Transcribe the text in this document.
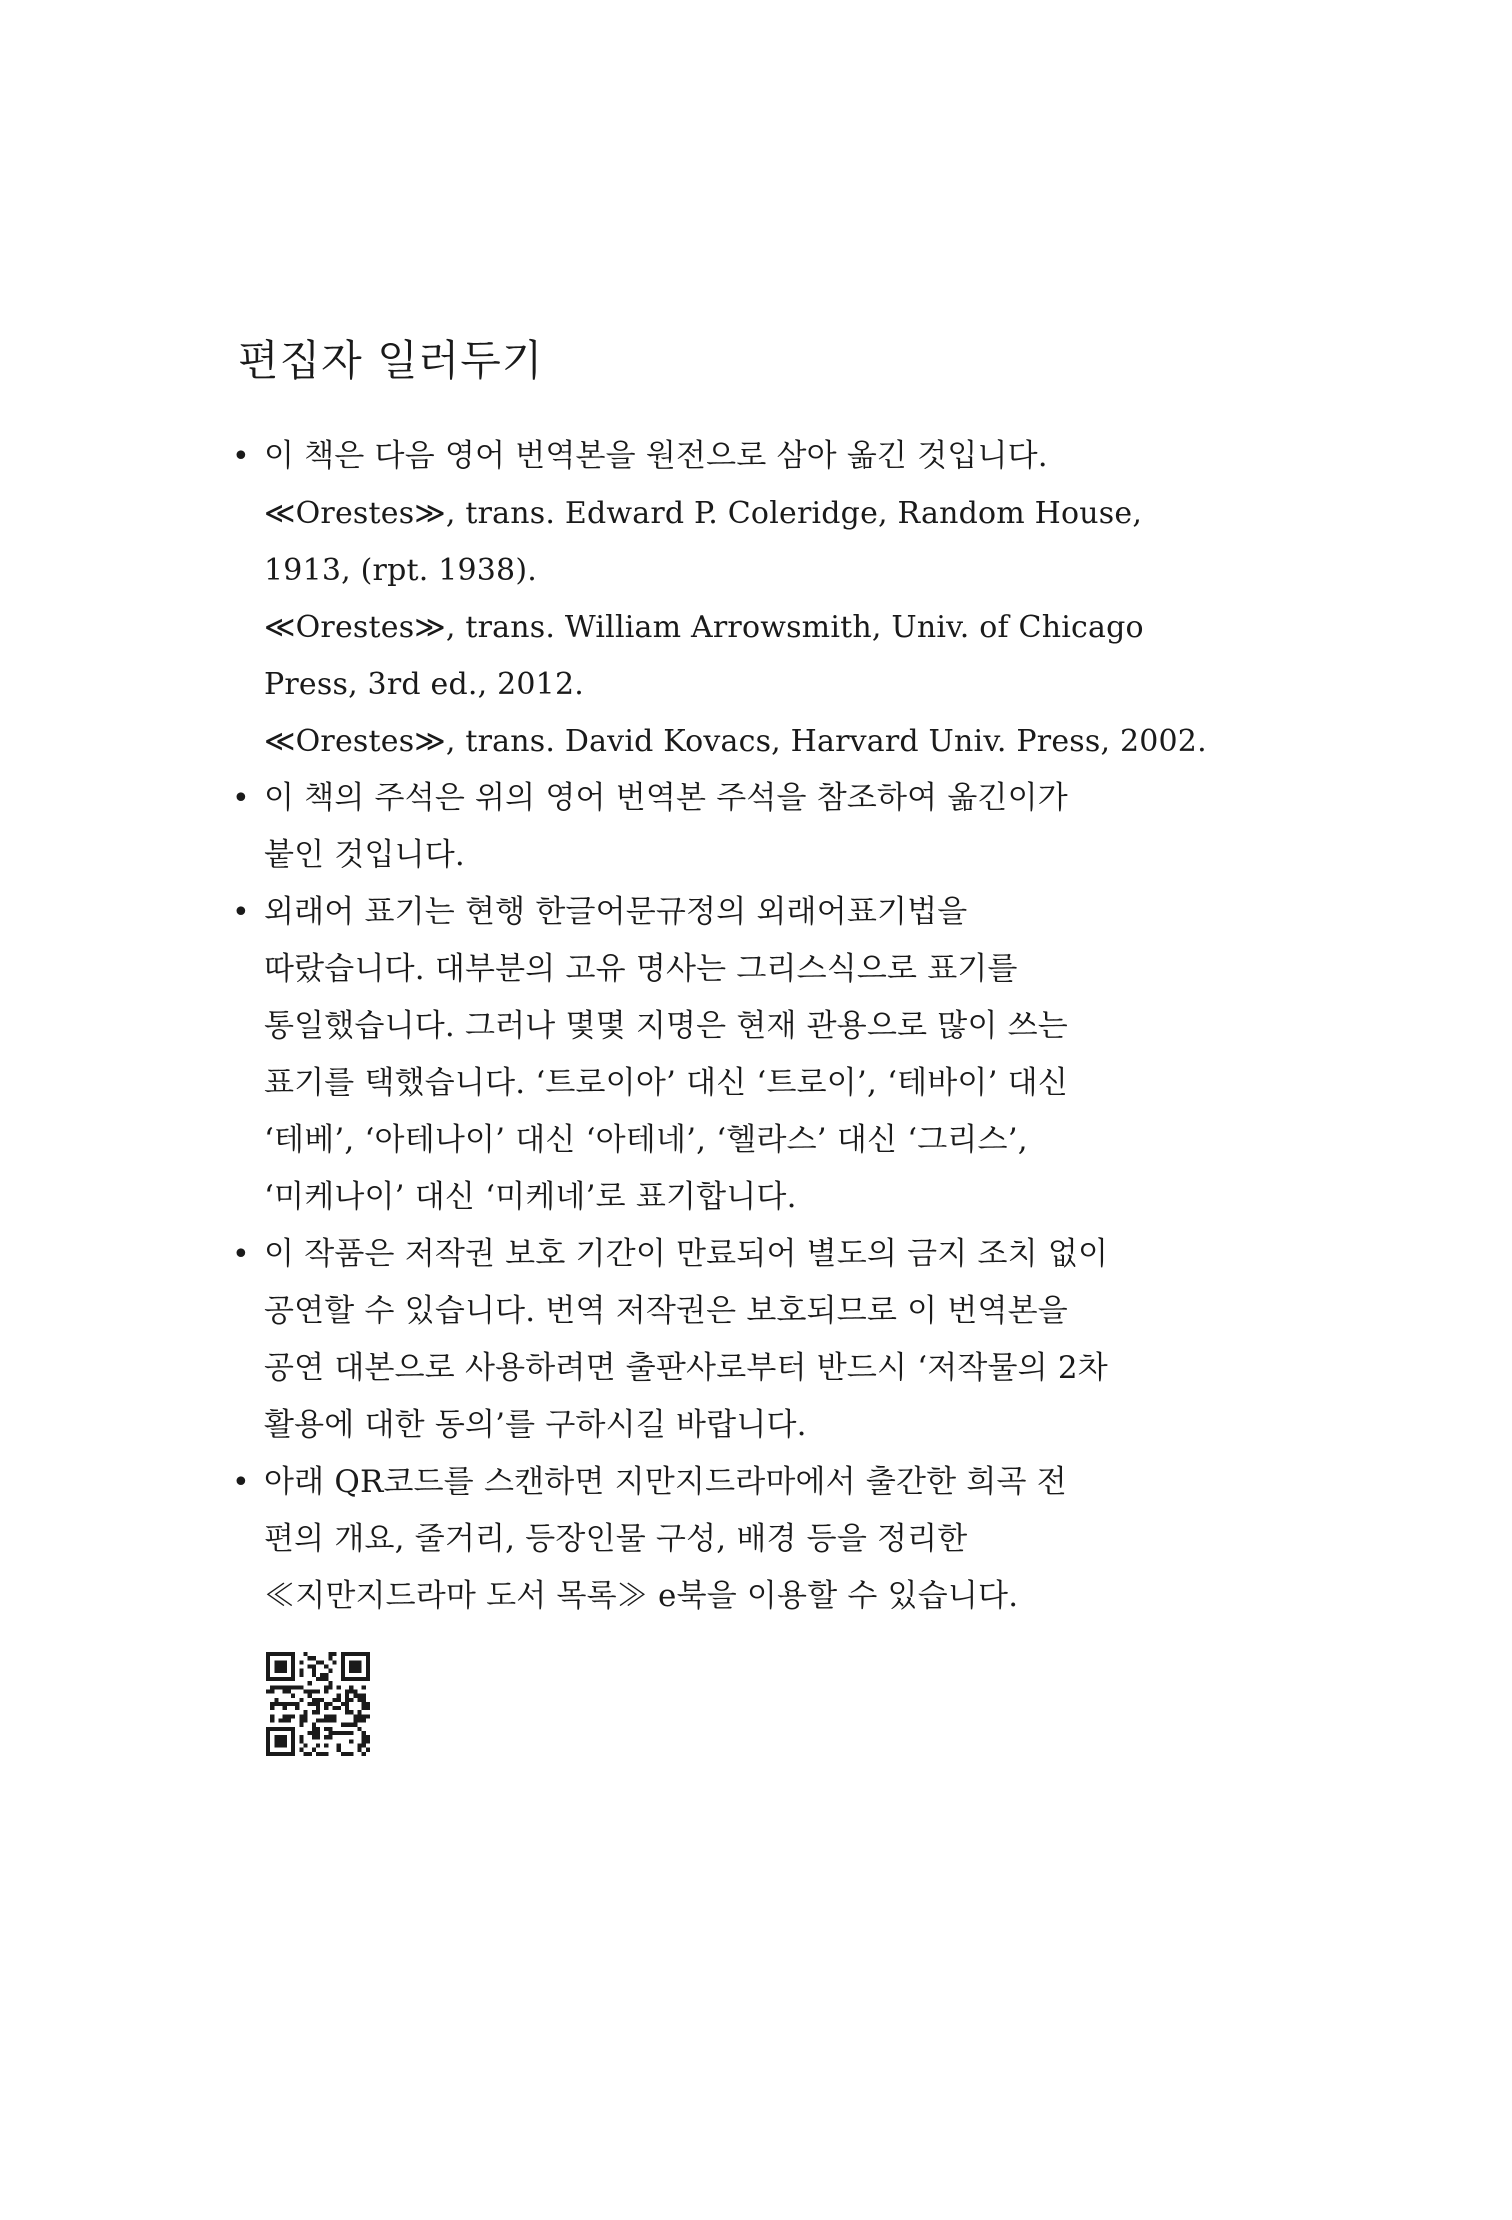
편집자 일러두기
• 이 책은 다음 영어 번역본을 원전으로 삼아 옮긴 것입니다.
≪Orestes≫, trans. Edward P. Coleridge, Random House,
1913, (rpt. 1938).
≪Orestes≫, trans. William Arrowsmith, Univ. of Chicago
Press, 3rd ed., 2012.
≪Orestes≫, trans. David Kovacs, Harvard Univ. Press, 2002.
• 이 책의 주석은 위의 영어 번역본 주석을 참조하여 옮긴이가
붙인 것입니다.
• 외래어 표기는 현행 한글어문규정의 외래어표기법을
따랐습니다. 대부분의 고유 명사는 그리스식으로 표기를
통일했습니다. 그러나 몇몇 지명은 현재 관용으로 많이 쓰는
표기를 택했습니다. ‘트로이아’ 대신 ‘트로이’, ‘테바이’ 대신
‘테베’, ‘아테나이’ 대신 ‘아테네’, ‘헬라스’ 대신 ‘그리스’,
‘미케나이’ 대신 ‘미케네’로 표기합니다.
• 이 작품은 저작권 보호 기간이 만료되어 별도의 금지 조치 없이
공연할 수 있습니다. 번역 저작권은 보호되므로 이 번역본을
공연 대본으로 사용하려면 출판사로부터 반드시 ‘저작물의 2차
활용에 대한 동의’를 구하시길 바랍니다.
• 아래 QR코드를 스캔하면 지만지드라마에서 출간한 희곡 전
편의 개요, 줄거리, 등장인물 구성, 배경 등을 정리한
≪지만지드라마 도서 목록≫ e북을 이용할 수 있습니다.
